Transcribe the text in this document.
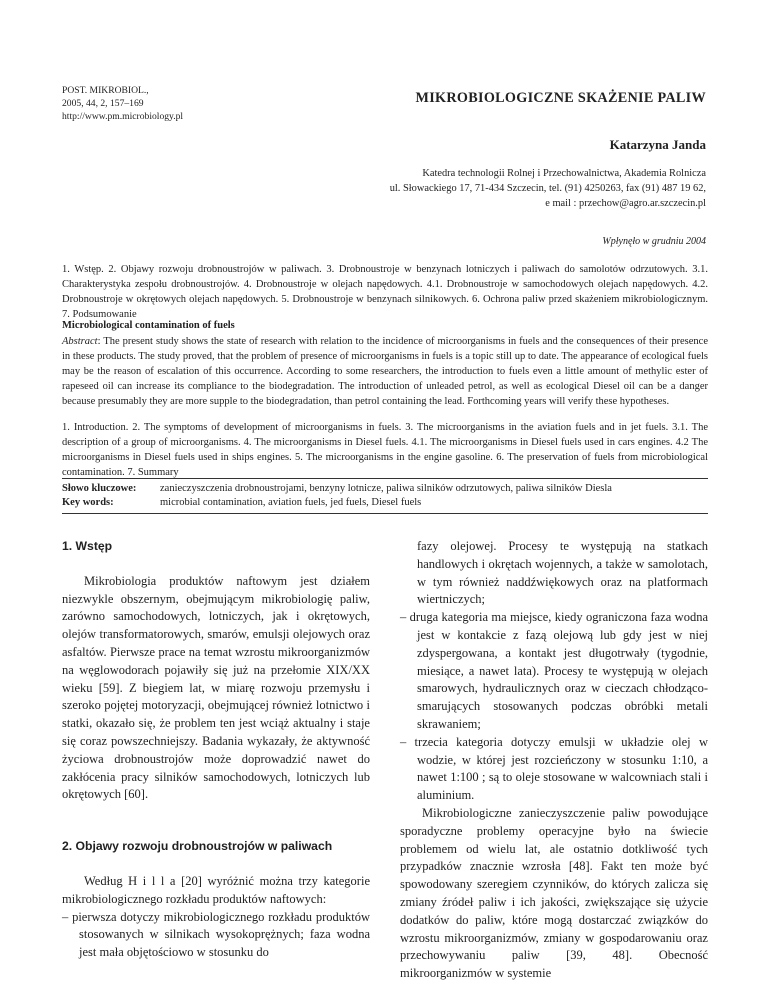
POST. MIKROBIOL.,
2005, 44, 2, 157–169
http://www.pm.microbiology.pl
MIKROBIOLOGICZNE SKAŻENIE PALIW
Katarzyna Janda
Katedra technologii Rolnej i Przechowalnictwa, Akademia Rolnicza
ul. Słowackiego 17, 71-434 Szczecin, tel. (91) 4250263, fax (91) 487 19 62,
e mail : przechow@agro.ar.szczecin.pl
Wpłynęło w grudniu 2004
1. Wstęp. 2. Objawy rozwoju drobnoustrojów w paliwach. 3. Drobnoustroje w benzynach lotniczych i paliwach do samolotów odrzutowych. 3.1. Charakterystyka zespołu drobnoustrojów. 4. Drobnoustroje w olejach napędowych. 4.1. Drobnoustroje w samochodowych olejach napędowych. 4.2. Drobnoustroje w okrętowych olejach napędowych. 5. Drobnoustroje w benzynach silnikowych. 6. Ochrona paliw przed skażeniem mikrobiologicznym. 7. Podsumowanie
Microbiological contamination of fuels
Abstract: The present study shows the state of research with relation to the incidence of microorganisms in fuels and the consequences of their presence in these products. The study proved, that the problem of presence of microorganisms in fuels is a topic still up to date. The appearance of ecological fuels may be the reason of escalation of this occurrence. According to some researchers, the introduction to fuels even a little amount of methylic ester of rapeseed oil can increase its compliance to the biodegradation. The introduction of unleaded petrol, as well as ecological Diesel oil can be a danger because presumably they are more supple to the biodegradation, than petrol containing the lead. Forthcoming years will verify these hypotheses.
1. Introduction. 2. The symptoms of development of microorganisms in fuels. 3. The microorganisms in the aviation fuels and in jet fuels. 3.1. The description of a group of microorganisms. 4. The microorganisms in Diesel fuels. 4.1. The microorganisms in Diesel fuels used in cars engines. 4.2 The microorganisms in Diesel fuels used in ships engines. 5. The microorganisms in the engine gasoline. 6. The preservation of fuels from microbiological contamination. 7. Summary
Słowo kluczowe:	zanieczyszczenia drobnoustrojami, benzyny lotnicze, paliwa silników odrzutowych, paliwa silników Diesla
Key words:	microbial contamination, aviation fuels, jed fuels, Diesel fuels

1. Wstęp

Mikrobiologia produktów naftowym jest działem niezwykle obszernym, obejmującym mikrobiologię paliw, zarówno samochodowych, lotniczych, jak i okrętowych, olejów transformatorowych, smarów, emulsji olejowych oraz asfaltów. Pierwsze prace na temat wzrostu mikroorganizmów na węglowodorach pojawiły się już na przełomie XIX/XX wieku [59]. Z biegiem lat, w miarę rozwoju przemysłu i szeroko pojętej motoryzacji, obejmującej również lotnictwo i statki, okazało się, że problem ten jest wciąż aktualny i staje się coraz powszechniejszy. Badania wykazały, że aktywność życiowa drobnoustrojów może doprowadzić nawet do zakłócenia pracy silników samochodowych, lotniczych lub okrętowych [60].

2. Objawy rozwoju drobnoustrojów w paliwach

Według H i l l a [20] wyróżnić można trzy kategorie mikrobiologicznego rozkładu produktów naftowych:

– pierwsza dotyczy mikrobiologicznego rozkładu produktów stosowanych w silnikach wysokoprężnych; faza wodna jest mała objętościowo w stosunku do

fazy olejowej. Procesy te występują na statkach handlowych i okrętach wojennych, a także w samolotach, w tym również naddźwiękowych oraz na platformach wiertniczych;

– druga kategoria ma miejsce, kiedy ograniczona faza wodna jest w kontakcie z fazą olejową lub gdy jest w niej zdyspergowana, a kontakt jest długotrwały (tygodnie, miesiące, a nawet lata). Procesy te występują w olejach smarowych, hydraulicznych oraz w cieczach chłodząco-smarujących stosowanych podczas obróbki metali skrawaniem;

– trzecia kategoria dotyczy emulsji w układzie olej w wodzie, w której jest rozcieńczony w stosunku 1:10, a nawet 1:100 ; są to oleje stosowane w walcowniach stali i aluminium.

Mikrobiologiczne zanieczyszczenie paliw powodujące sporadyczne problemy operacyjne było na świecie problemem od wielu lat, ale ostatnio dotkliwość tych przypadków znacznie wzrosła [48]. Fakt ten może być spowodowany szeregiem czynników, do których zalicza się zmiany źródeł paliw i ich jakości, zwiększające się użycie dodatków do paliw, które mogą dostarczać związków do wzrostu mikroorganizmów, zmiany w gospodarowaniu oraz przechowywaniu paliw [39, 48]. Obecność mikroorganizmów w systemie
